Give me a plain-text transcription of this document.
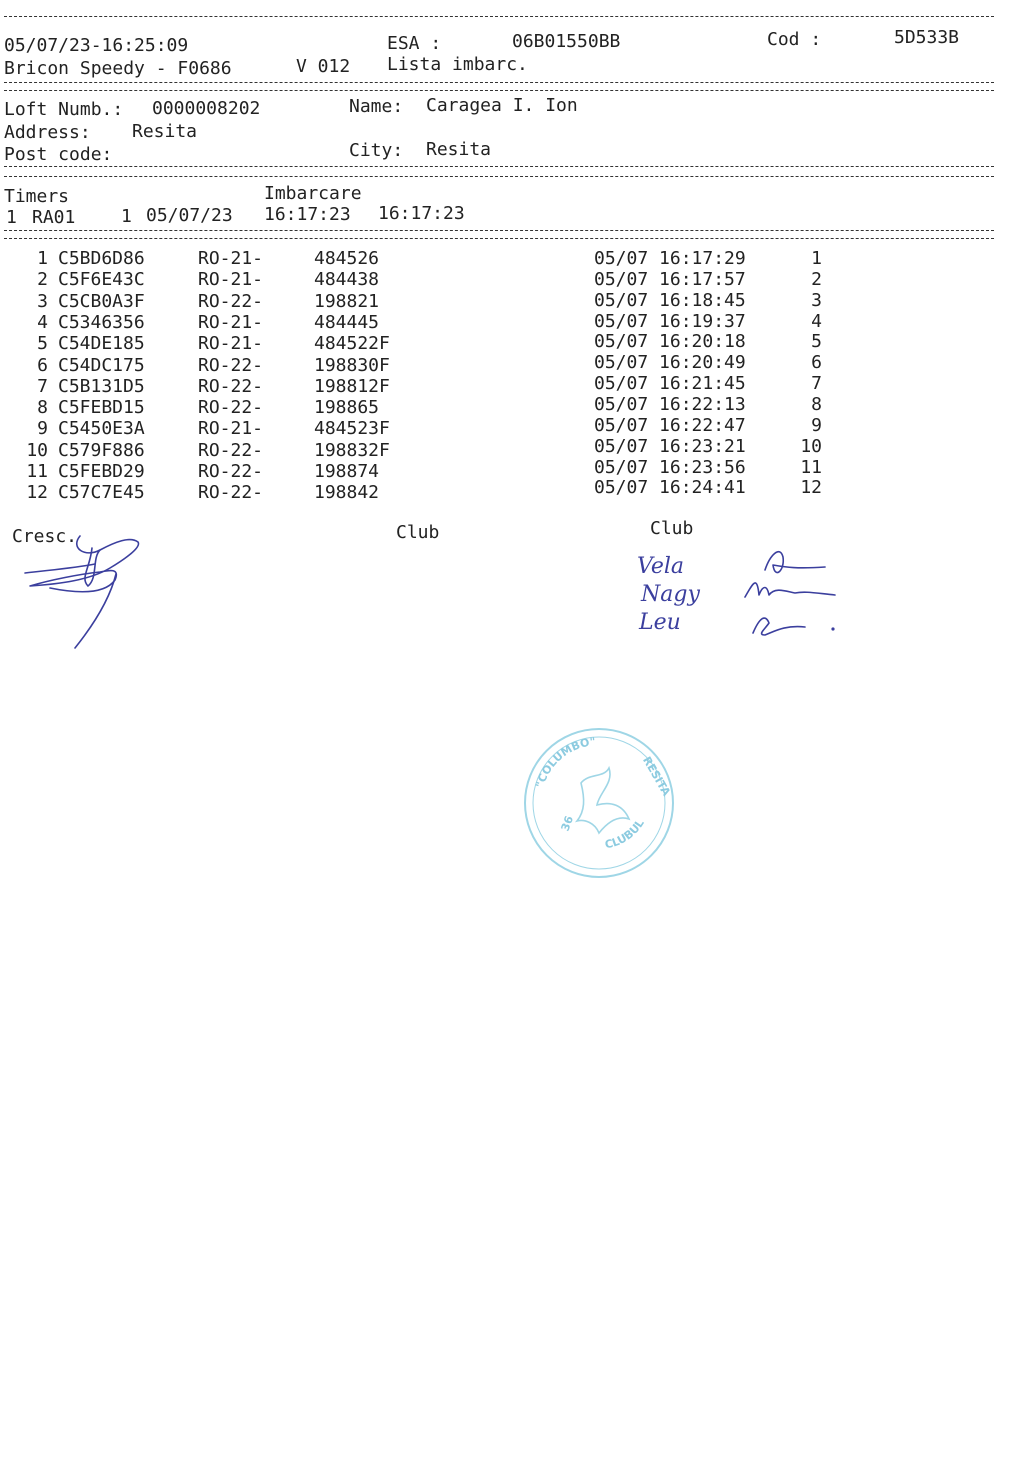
05/07/23-16:25:09	ESA :	06B01550BB	Cod :	5D533B
Bricon Speedy - F0686	V 012 Lista imbarc.
Loft Numb.: 0000008202	Name: Caragea I. Ion
Address: Resita
Post code:	City: Resita
Timers	Imbarcare
1 RA01	1 05/07/23 16:17:23 16:17:23
1 C5BD6D86	RO-21-	484526	05/07 16:17:29	1
2 C5F6E43C	RO-21-	484438	05/07 16:17:57	2
3 C5CB0A3F	RO-22-	198821	05/07 16:18:45	3
4 C5346356	RO-21-	484445	05/07 16:19:37	4
5 C54DE185	RO-21-	484522F	05/07 16:20:18	5
6 C54DC175	RO-22-	198830F	05/07 16:20:49	6
7 C5B131D5	RO-22-	198812F	05/07 16:21:45	7
8 C5FEBD15	RO-22-	198865	05/07 16:22:13	8
9 C5450E3A	RO-21-	484523F	05/07 16:22:47	9
10 C579F886	RO-22-	198832F	05/07 16:23:21	10
11 C5FEBD29	RO-22-	198874	05/07 16:23:56	11
12 C57C7E45	RO-22-	198842	05/07 16:24:41	12
Cresc.	Club	Club
Vela
Nagy
Leu
"COLUMBO"
CLUBUL
RESITA
36
